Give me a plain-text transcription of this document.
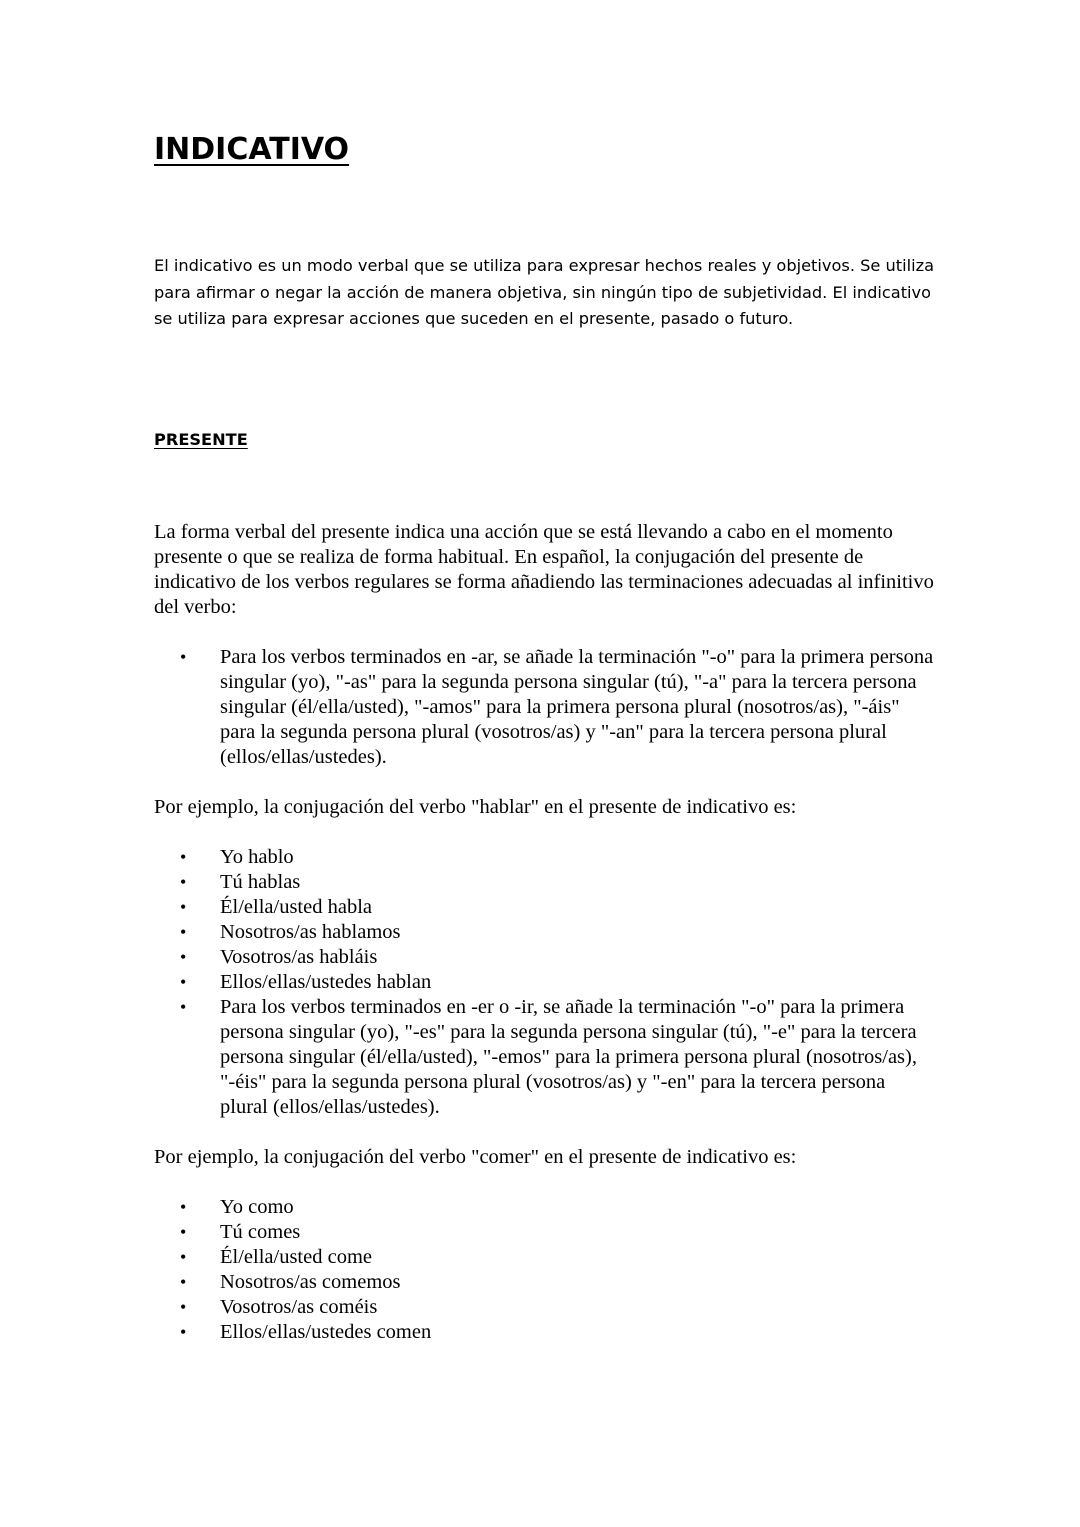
INDICATIVO

El indicativo es un modo verbal que se utiliza para expresar hechos reales y objetivos. Se utiliza para afirmar o negar la acción de manera objetiva, sin ningún tipo de subjetividad. El indicativo se utiliza para expresar acciones que suceden en el presente, pasado o futuro.

PRESENTE

La forma verbal del presente indica una acción que se está llevando a cabo en el momento presente o que se realiza de forma habitual. En español, la conjugación del presente de indicativo de los verbos regulares se forma añadiendo las terminaciones adecuadas al infinitivo del verbo:

• Para los verbos terminados en -ar, se añade la terminación "-o" para la primera persona singular (yo), "-as" para la segunda persona singular (tú), "-a" para la tercera persona singular (él/ella/usted), "-amos" para la primera persona plural (nosotros/as), "-áis" para la segunda persona plural (vosotros/as) y "-an" para la tercera persona plural (ellos/ellas/ustedes).

Por ejemplo, la conjugación del verbo "hablar" en el presente de indicativo es:

• Yo hablo
• Tú hablas
• Él/ella/usted habla
• Nosotros/as hablamos
• Vosotros/as habláis
• Ellos/ellas/ustedes hablan
• Para los verbos terminados en -er o -ir, se añade la terminación "-o" para la primera persona singular (yo), "-es" para la segunda persona singular (tú), "-e" para la tercera persona singular (él/ella/usted), "-emos" para la primera persona plural (nosotros/as), "-éis" para la segunda persona plural (vosotros/as) y "-en" para la tercera persona plural (ellos/ellas/ustedes).

Por ejemplo, la conjugación del verbo "comer" en el presente de indicativo es:

• Yo como
• Tú comes
• Él/ella/usted come
• Nosotros/as comemos
• Vosotros/as coméis
• Ellos/ellas/ustedes comen
